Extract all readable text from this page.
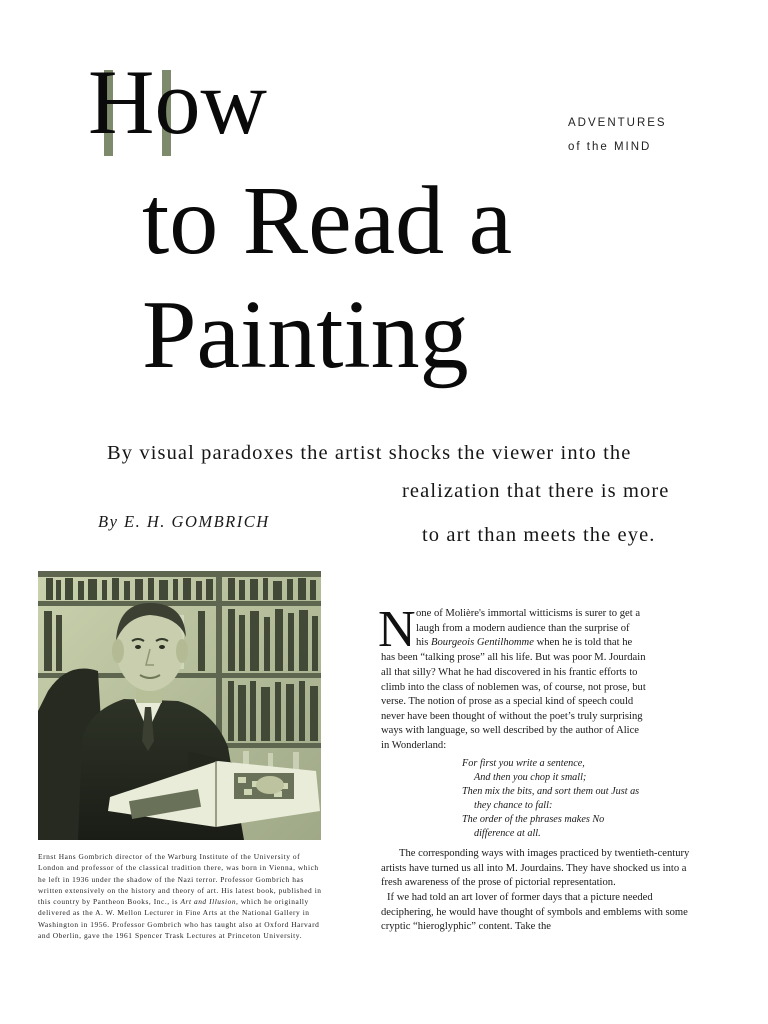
How
to Read a
Painting
ADVENTURES
of the MIND
By visual paradoxes the artist shocks the viewer into the
realization that there is more
to art than meets the eye.
By E. H. GOMBRICH
Ernst Hans Gombrich director of the Warburg Institute of the University of
London and professor of the classical tradition there, was born in Vienna, which
he left in 1936 under the shadow of the Nazi terror. Professor Gombrich has
written extensively on the history and theory of art. His latest book, published in
this country by Pantheon Books, Inc., is Art and Illusion, which he originally
delivered as the A. W. Mellon Lecturer in Fine Arts at the National Gallery in
Washington in 1956. Professor Gombrich who has taught also at Oxford Harvard
and Oberlin, gave the 1961 Spencer Trask Lectures at Princeton University.
N one of Molière's immortal witticisms is surer to get a
laugh from a modern audience than the surprise of
his Bourgeois Gentilhomme when he is told that he
has been “talking prose” all his life. But was poor M. Jourdain
all that silly? What he had discovered in his frantic efforts to
climb into the class of noblemen was, of course, not prose, but
verse. The notion of prose as a special kind of speech could
never have been thought of without the poet’s truly surprising
ways with language, so well described by the author of Alice
in Wonderland:
For first you write a sentence,
And then you chop it small;
Then mix the bits, and sort them out Just as
they chance to fall:
The order of the phrases makes No
difference at all.
The corresponding ways with images practiced by twentieth-century
artists have turned us all into M. Jourdains. They have shocked us into a
fresh awareness of the prose of pictorial representation.
If we had told an art lover of former days that a picture needed
deciphering, he would have thought of symbols and emblems with some
cryptic “hieroglyphic” content. Take the
